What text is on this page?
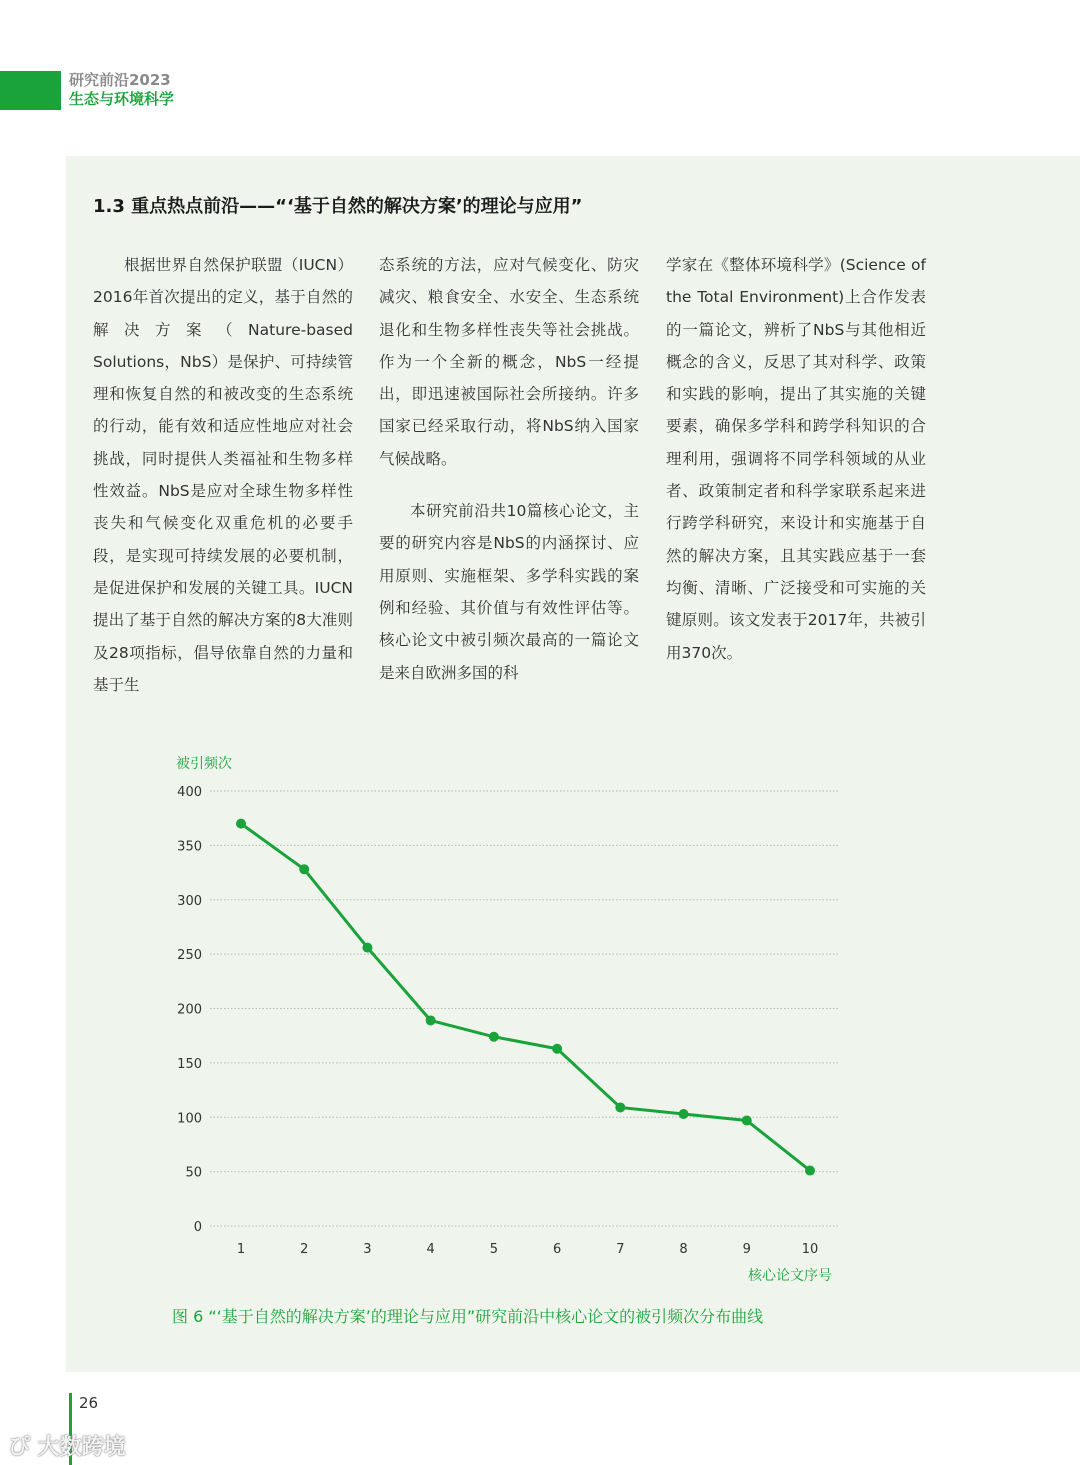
研究前沿2023
生态与环境科学
1.3 重点热点前沿——“‘基于自然的解决方案’的理论与应用”

根据世界自然保护联盟（IUCN）2016年首次提出的定义，基于自然的解决方案（Nature-based Solutions，NbS）是保护、可持续管理和恢复自然的和被改变的生态系统的行动，能有效和适应性地应对社会挑战，同时提供人类福祉和生物多样性效益。NbS是应对全球生物多样性丧失和气候变化双重危机的必要手段，是实现可持续发展的必要机制，是促进保护和发展的关键工具。IUCN提出了基于自然的解决方案的8大准则及28项指标，倡导依靠自然的力量和基于生

态系统的方法，应对气候变化、防灾减灾、粮食安全、水安全、生态系统退化和生物多样性丧失等社会挑战。作为一个全新的概念，NbS一经提出，即迅速被国际社会所接纳。许多国家已经采取行动，将NbS纳入国家气候战略。

本研究前沿共10篇核心论文，主要的研究内容是NbS的内涵探讨、应用原则、实施框架、多学科实践的案例和经验、其价值与有效性评估等。核心论文中被引频次最高的一篇论文是来自欧洲多国的科

学家在《整体环境科学》(Science of the Total Environment)上合作发表的一篇论文，辨析了NbS与其他相近概念的含义，反思了其对科学、政策和实践的影响，提出了其实施的关键要素，确保多学科和跨学科知识的合理利用，强调将不同学科领域的从业者、政策制定者和科学家联系起来进行跨学科研究，来设计和实施基于自然的解决方案，且其实践应基于一套均衡、清晰、广泛接受和可实施的关键原则。该文发表于2017年，共被引用370次。

0
50
100
150
200
250
300
350
400
1	2	3	4	5	6	7	8	9	10
被引频次
核心论文序号
图 6 “‘基于自然的解决方案’的理论与应用”研究前沿中核心论文的被引频次分布曲线
26
ぴ 大数跨境
